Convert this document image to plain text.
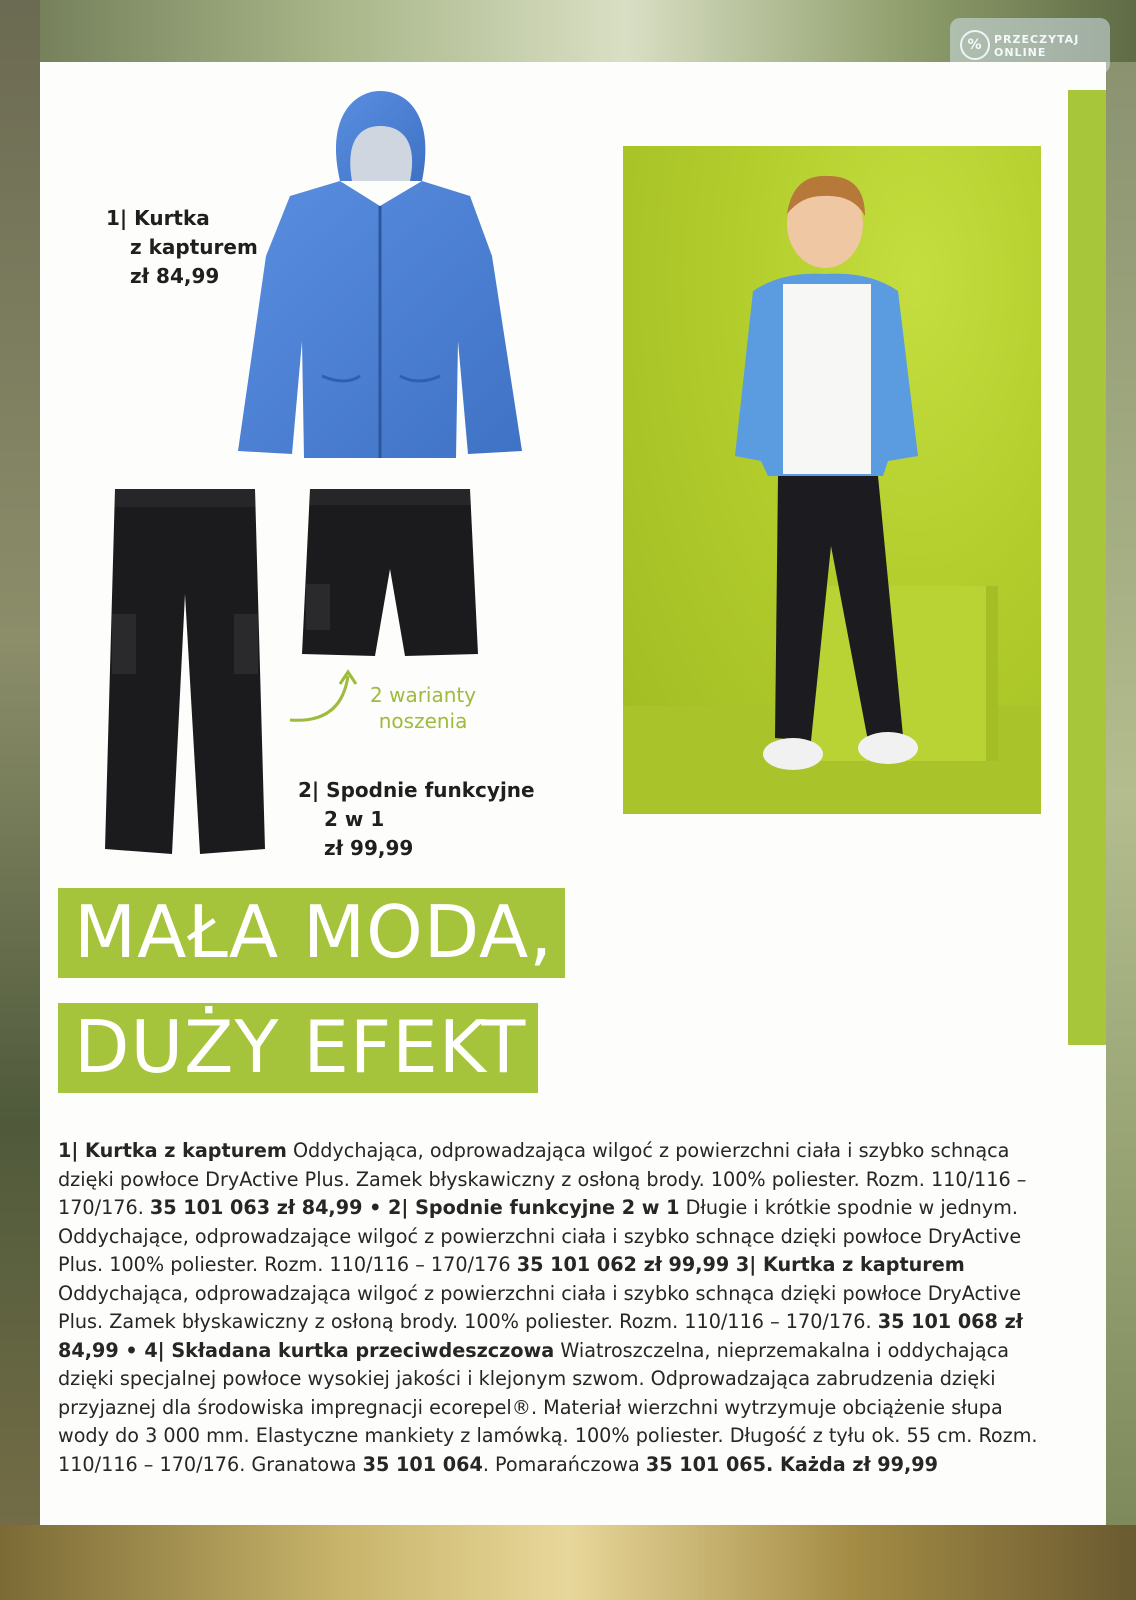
%	PRZECZYTAJ
ONLINE
1| Kurtka
z kapturem
zł 84,99
2 warianty
noszenia
2| Spodnie funkcyjne
2 w 1
zł 99,99
MAŁA MODA,
DUŻY EFEKT

1| Kurtka z kapturem Oddychająca, odprowadzająca wilgoć z powierzchni ciała i szybko schnąca dzięki powłoce DryActive Plus. Zamek błyskawiczny z osłoną brody. 100% poliester. Rozm. 110/116 – 170/176. 35 101 063 zł 84,99 • 2| Spodnie funkcyjne 2 w 1 Długie i krótkie spodnie w jednym. Oddychające, odprowadzające wilgoć z powierzchni ciała i szybko schnące dzięki powłoce DryActive Plus. 100% poliester. Rozm. 110/116 – 170/176 35 101 062 zł 99,99 3| Kurtka z kapturem Oddychająca, odprowadzająca wilgoć z powierzchni ciała i szybko schnąca dzięki powłoce DryActive Plus. Zamek błyskawiczny z osłoną brody. 100% poliester. Rozm. 110/116 – 170/176. 35 101 068 zł 84,99 • 4| Składana kurtka przeciwdeszczowa Wiatroszczelna, nieprzemakalna i oddychająca dzięki specjalnej powłoce wysokiej jakości i klejonym szwom. Odprowadzająca zabrudzenia dzięki przyjaznej dla środowiska impregnacji ecorepel®. Materiał wierzchni wytrzymuje obciążenie słupa wody do 3 000 mm. Elastyczne mankiety z lamówką. 100% poliester. Długość z tyłu ok. 55 cm. Rozm. 110/116 – 170/176. Granatowa 35 101 064. Pomarańczowa 35 101 065. Każda zł 99,99
